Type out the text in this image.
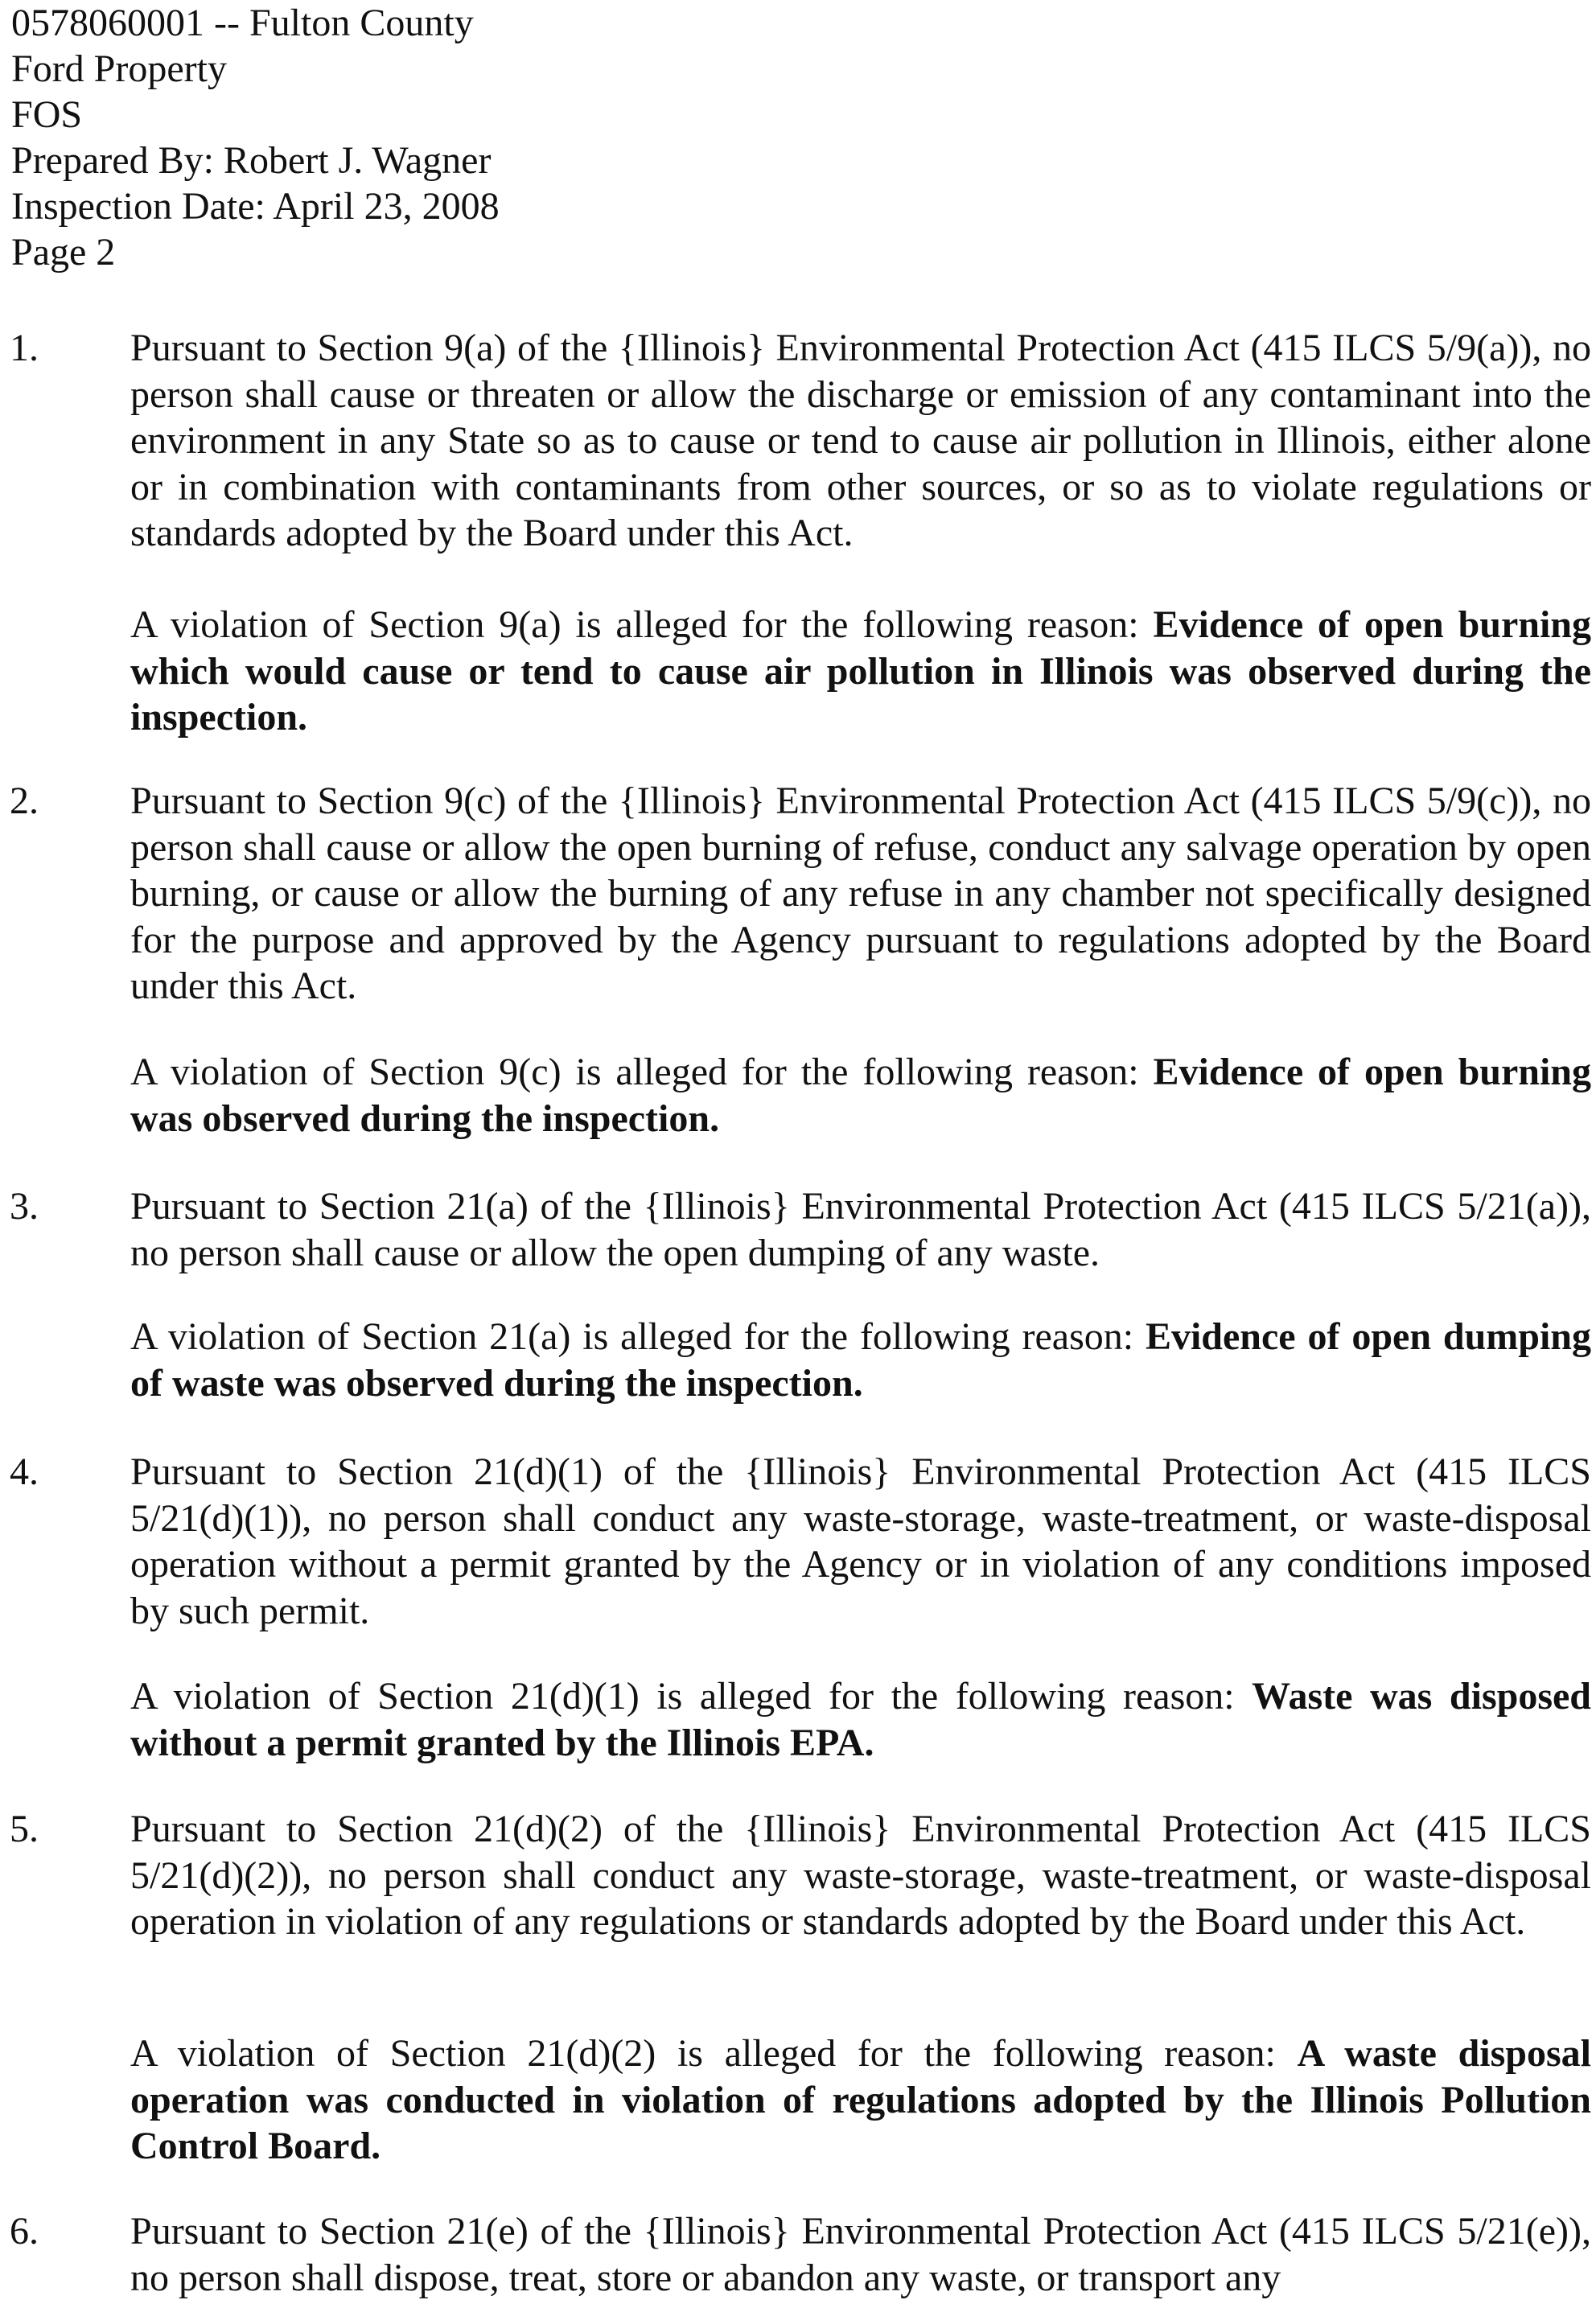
0578060001 -- Fulton County
Ford Property
FOS
Prepared By: Robert J. Wagner
Inspection Date: April 23, 2008
Page 2
1. Pursuant to Section 9(a) of the {Illinois} Environmental Protection Act (415 ILCS 5/9(a)), no person shall cause or threaten or allow the discharge or emission of any contaminant into the environment in any State so as to cause or tend to cause air pollution in Illinois, either alone or in combination with contaminants from other sources, or so as to violate regulations or standards adopted by the Board under this Act.
A violation of Section 9(a) is alleged for the following reason: Evidence of open burning which would cause or tend to cause air pollution in Illinois was observed during the inspection.
2. Pursuant to Section 9(c) of the {Illinois} Environmental Protection Act (415 ILCS 5/9(c)), no person shall cause or allow the open burning of refuse, conduct any salvage operation by open burning, or cause or allow the burning of any refuse in any chamber not specifically designed for the purpose and approved by the Agency pursuant to regulations adopted by the Board under this Act.
A violation of Section 9(c) is alleged for the following reason: Evidence of open burning was observed during the inspection.
3. Pursuant to Section 21(a) of the {Illinois} Environmental Protection Act (415 ILCS 5/21(a)), no person shall cause or allow the open dumping of any waste.
A violation of Section 21(a) is alleged for the following reason: Evidence of open dumping of waste was observed during the inspection.
4. Pursuant to Section 21(d)(1) of the {Illinois} Environmental Protection Act (415 ILCS 5/21(d)(1)), no person shall conduct any waste-storage, waste-treatment, or waste-disposal operation without a permit granted by the Agency or in violation of any conditions imposed by such permit.
A violation of Section 21(d)(1) is alleged for the following reason: Waste was disposed without a permit granted by the Illinois EPA.
5. Pursuant to Section 21(d)(2) of the {Illinois} Environmental Protection Act (415 ILCS 5/21(d)(2)), no person shall conduct any waste-storage, waste-treatment, or waste-disposal operation in violation of any regulations or standards adopted by the Board under this Act.
A violation of Section 21(d)(2) is alleged for the following reason: A waste disposal operation was conducted in violation of regulations adopted by the Illinois Pollution Control Board.
6. Pursuant to Section 21(e) of the {Illinois} Environmental Protection Act (415 ILCS 5/21(e)), no person shall dispose, treat, store or abandon any waste, or transport any
